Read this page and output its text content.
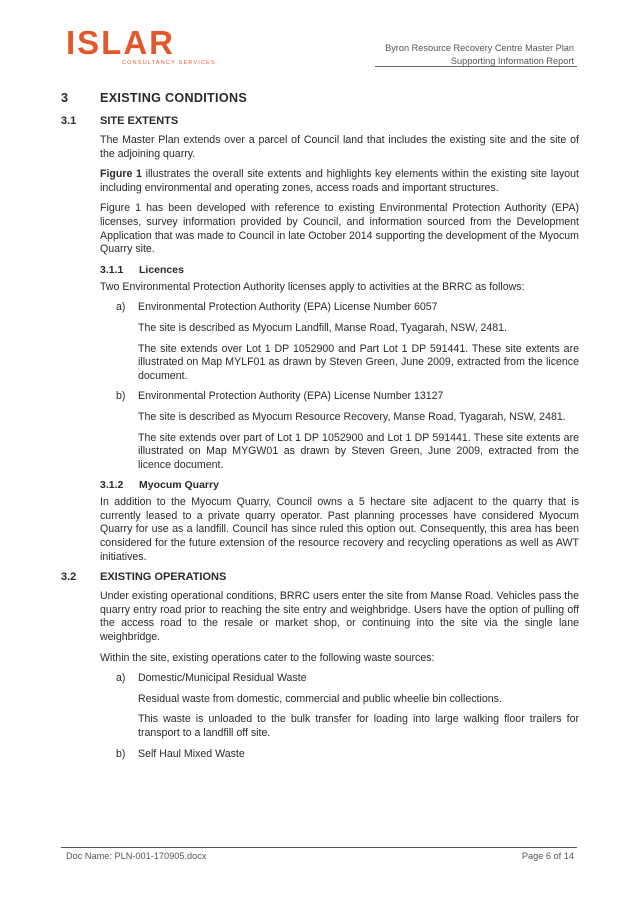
ISLAR
CONSULTANCY SERVICES
Byron Resource Recovery Centre Master Plan
Supporting Information Report
3	EXISTING CONDITIONS
3.1	SITE EXTENTS

The Master Plan extends over a parcel of Council land that includes the existing site and the site of the adjoining quarry.

Figure 1 illustrates the overall site extents and highlights key elements within the existing site layout including environmental and operating zones, access roads and important structures.

Figure 1 has been developed with reference to existing Environmental Protection Authority (EPA) licenses, survey information provided by Council, and information sourced from the Development Application that was made to Council in late October 2014 supporting the development of the Myocum Quarry site.

3.1.1	Licences

Two Environmental Protection Authority licenses apply to activities at the BRRC as follows:

a)	Environmental Protection Authority (EPA) License Number 6057

The site is described as Myocum Landfill, Manse Road, Tyagarah, NSW, 2481.

The site extends over Lot 1 DP 1052900 and Part Lot 1 DP 591441. These site extents are illustrated on Map MYLF01 as drawn by Steven Green, June 2009, extracted from the licence document.

b)	Environmental Protection Authority (EPA) License Number 13127

The site is described as Myocum Resource Recovery, Manse Road, Tyagarah, NSW, 2481.

The site extends over part of Lot 1 DP 1052900 and Lot 1 DP 591441. These site extents are illustrated on Map MYGW01 as drawn by Steven Green, June 2009, extracted from the licence document.

3.1.2	Myocum Quarry

In addition to the Myocum Quarry, Council owns a 5 hectare site adjacent to the quarry that is currently leased to a private quarry operator. Past planning processes have considered Myocum Quarry for use as a landfill. Council has since ruled this option out. Consequently, this area has been considered for the future extension of the resource recovery and recycling operations as well as AWT initiatives.

3.2	EXISTING OPERATIONS

Under existing operational conditions, BRRC users enter the site from Manse Road. Vehicles pass the quarry entry road prior to reaching the site entry and weighbridge. Users have the option of pulling off the access road to the resale or market shop, or continuing into the site via the single lane weighbridge.

Within the site, existing operations cater to the following waste sources:

a)	Domestic/Municipal Residual Waste

Residual waste from domestic, commercial and public wheelie bin collections.

This waste is unloaded to the bulk transfer for loading into large walking floor trailers for transport to a landfill off site.

b)	Self Haul Mixed Waste
Doc Name: PLN-001-170905.docx	Page 6 of 14
